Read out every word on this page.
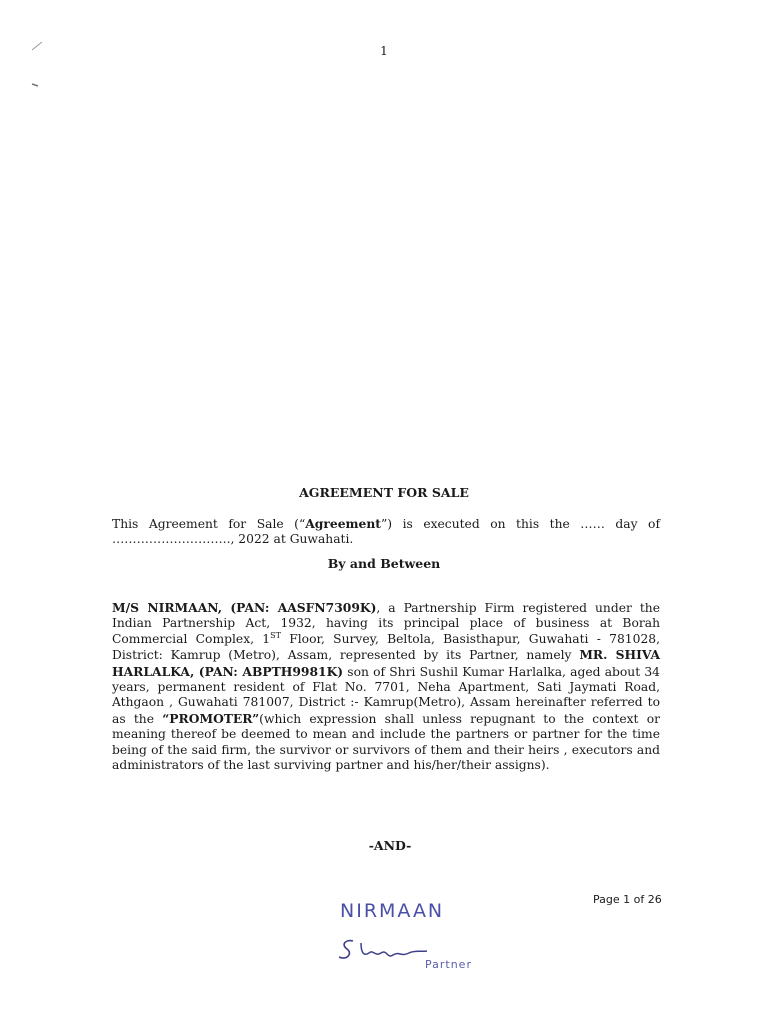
1
AGREEMENT FOR SALE
This Agreement for Sale (“Agreement”) is executed on this the …… day of ……………………….., 2022 at Guwahati.
By and Between
M/S NIRMAAN, (PAN: AASFN7309K), a Partnership Firm registered under the Indian Partnership Act, 1932, having its principal place of business at Borah Commercial Complex, 1ST Floor, Survey, Beltola, Basisthapur, Guwahati - 781028, District: Kamrup (Metro), Assam, represented by its Partner, namely MR. SHIVA HARLALKA, (PAN: ABPTH9981K) son of Shri Sushil Kumar Harlalka, aged about 34 years, permanent resident of Flat No. 7701, Neha Apartment, Sati Jaymati Road, Athgaon , Guwahati 781007, District :- Kamrup(Metro), Assam hereinafter referred to as the “PROMOTER”(which expression shall unless repugnant to the context or meaning thereof be deemed to mean and include the partners or partner for the time being of the said firm, the survivor or survivors of them and their heirs , executors and administrators of the last surviving partner and his/her/their assigns).
-AND-
Page 1 of 26
NIRMAAN
Partner
